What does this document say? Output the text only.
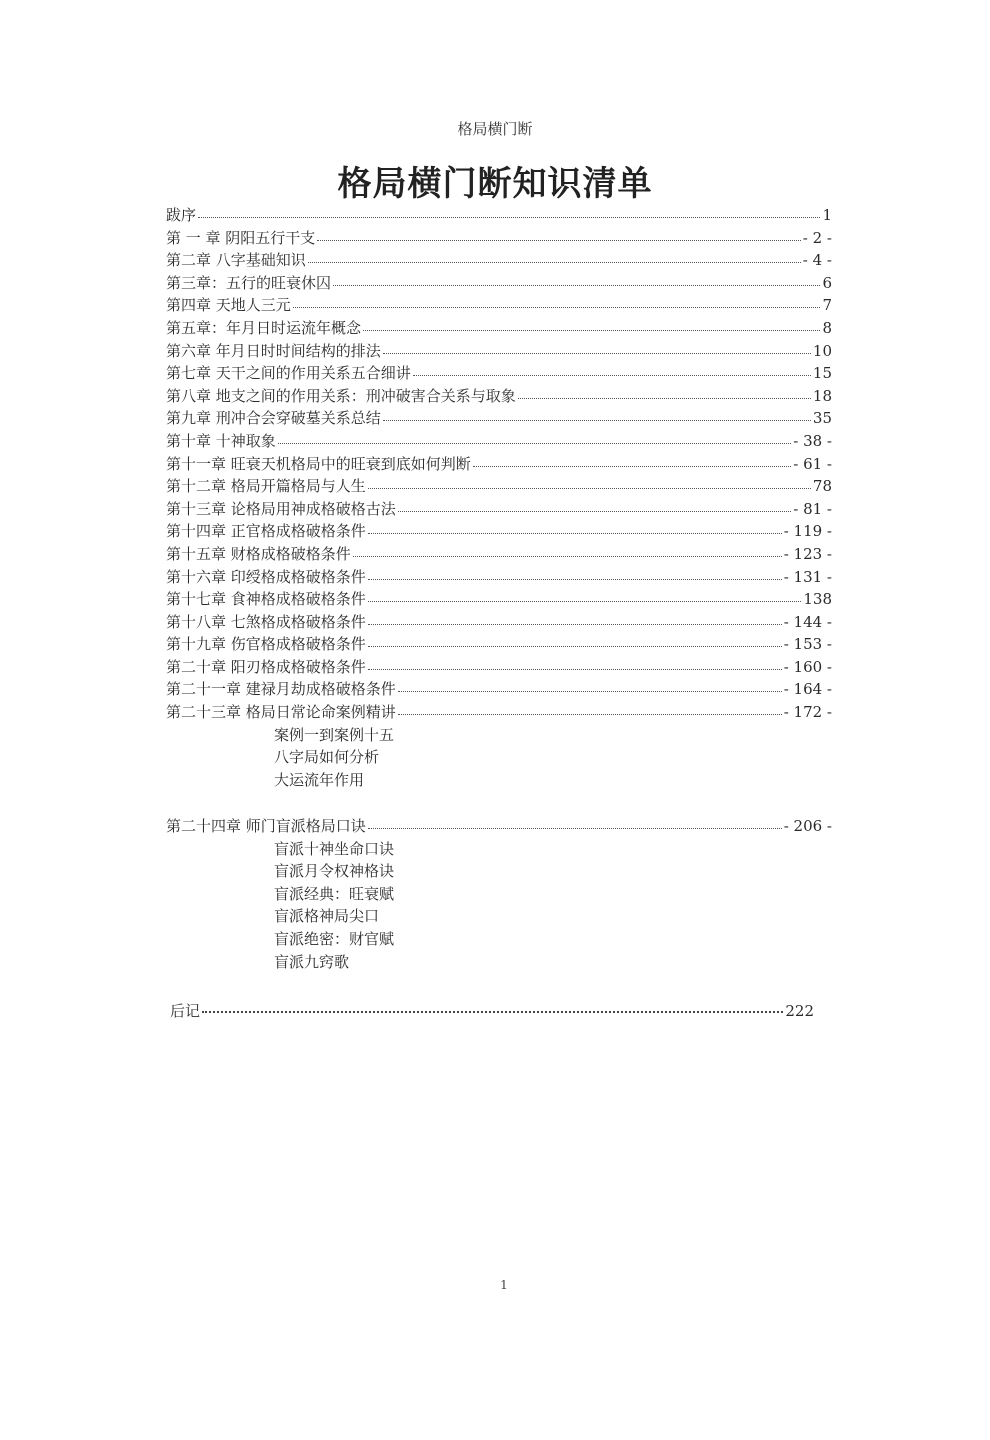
格局横门断
格局横门断知识清单
跋序	1
第 一 章 阴阳五行干支	- 2 -
第二章 八字基础知识	- 4 -
第三章：五行的旺衰休囚	6
第四章 天地人三元	7
第五章：年月日时运流年概念	8
第六章 年月日时时间结构的排法	10
第七章 天干之间的作用关系五合细讲	15
第八章 地支之间的作用关系：刑冲破害合关系与取象	18
第九章 刑冲合会穿破墓关系总结	35
第十章 十神取象	- 38 -
第十一章 旺衰天机格局中的旺衰到底如何判断	- 61 -
第十二章 格局开篇格局与人生	78
第十三章 论格局用神成格破格古法	- 81 -
第十四章 正官格成格破格条件	- 119 -
第十五章 财格成格破格条件	- 123 -
第十六章 印绶格成格破格条件	- 131 -
第十七章 食神格成格破格条件	138
第十八章 七煞格成格破格条件	- 144 -
第十九章 伤官格成格破格条件	- 153 -
第二十章 阳刃格成格破格条件	- 160 -
第二十一章 建禄月劫成格破格条件	- 164 -
第二十三章 格局日常论命案例精讲	- 172 -
案例一到案例十五
八字局如何分析
大运流年作用
第二十四章 师门盲派格局口诀	- 206 -
盲派十神坐命口诀
盲派月令权神格诀
盲派经典：旺衰赋
盲派格神局尖口
盲派绝密：财官赋
盲派九窍歌
后记	222
1
